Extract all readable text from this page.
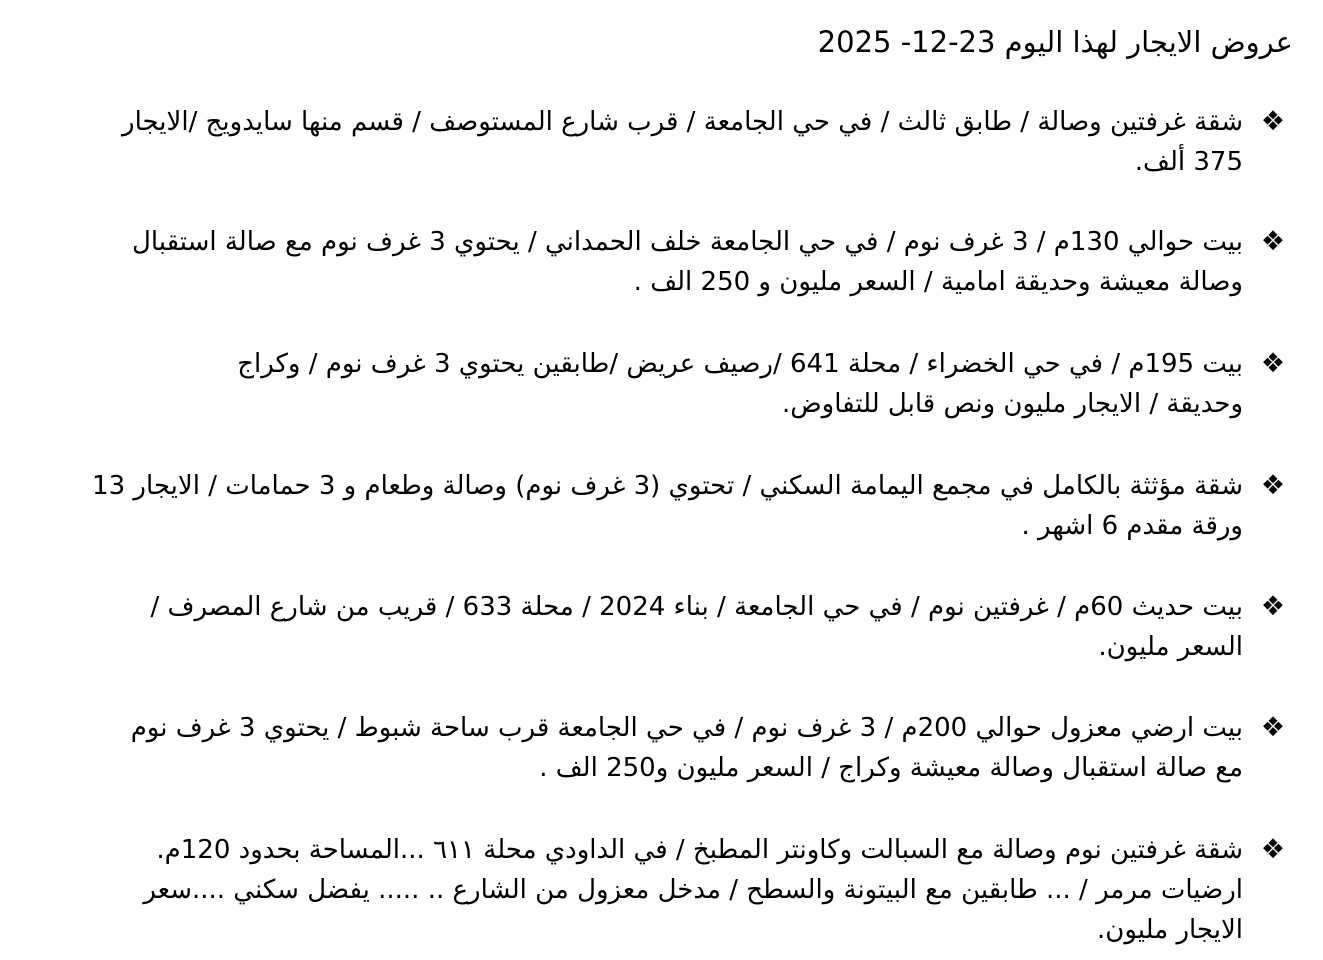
عروض الايجار لهذا اليوم 23-12- 2025
❖
شقة غرفتين وصالة / طابق ثالث / في حي الجامعة / قرب شارع المستوصف / قسم منها سايدويج /الايجار
375 ألف.
❖
بيت حوالي 130م / 3 غرف نوم / في حي الجامعة خلف الحمداني / يحتوي 3 غرف نوم مع صالة استقبال
وصالة معيشة وحديقة امامية / السعر مليون و 250 الف .
❖
بيت 195م / في حي الخضراء / محلة 641 /رصيف عريض /طابقين يحتوي 3 غرف نوم / وكراج
وحديقة / الايجار مليون ونص قابل للتفاوض.
❖
شقة مؤثثة بالكامل في مجمع اليمامة السكني / تحتوي (3 غرف نوم) وصالة وطعام و 3 حمامات / الايجار 13
ورقة مقدم 6 اشهر .
❖
بيت حديث 60م / غرفتين نوم / في حي الجامعة / بناء 2024 / محلة 633 / قريب من شارع المصرف /
السعر مليون.
❖
بيت ارضي معزول حوالي 200م / 3 غرف نوم / في حي الجامعة قرب ساحة شبوط / يحتوي 3 غرف نوم
مع صالة استقبال وصالة معيشة وكراج / السعر مليون و250 الف .
❖
شقة غرفتين نوم وصالة مع السبالت وكاونتر المطبخ / في الداودي محلة ٦١١ ...المساحة بحدود 120م.
ارضيات مرمر / ... طابقين مع البيتونة والسطح / مدخل معزول من الشارع .. ..... يفضل سكني ....سعر
الايجار مليون.
